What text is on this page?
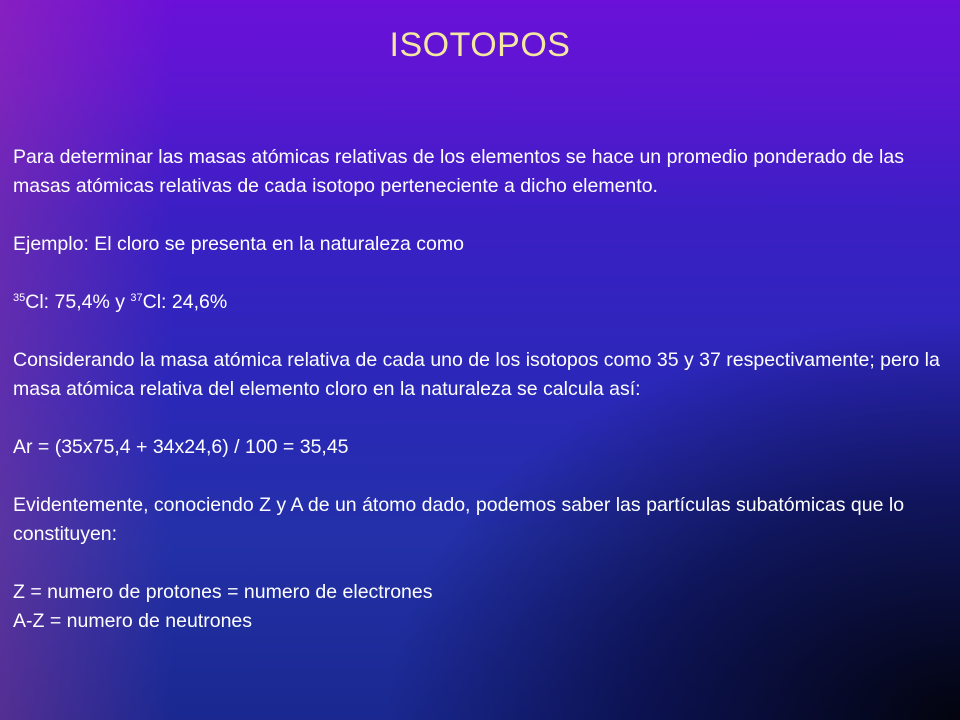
ISOTOPOS

Para determinar las masas atómicas relativas de los elementos se hace un promedio ponderado de las masas atómicas relativas de cada isotopo perteneciente a dicho elemento.

Ejemplo: El cloro se presenta en la naturaleza como

$^{35}$Cl: 75,4% y $^{37}$Cl: 24,6%

Considerando la masa atómica relativa de cada uno de los isotopos como 35 y 37 respectivamente; pero la masa atómica relativa del elemento cloro en la naturaleza se calcula así:

Ar = (35x75,4 + 34x24,6) / 100 = 35,45

Evidentemente, conociendo Z y A de un átomo dado, podemos saber las partículas subatómicas que lo constituyen:

Z = numero de protones = numero de electrones

A-Z = numero de neutrones
